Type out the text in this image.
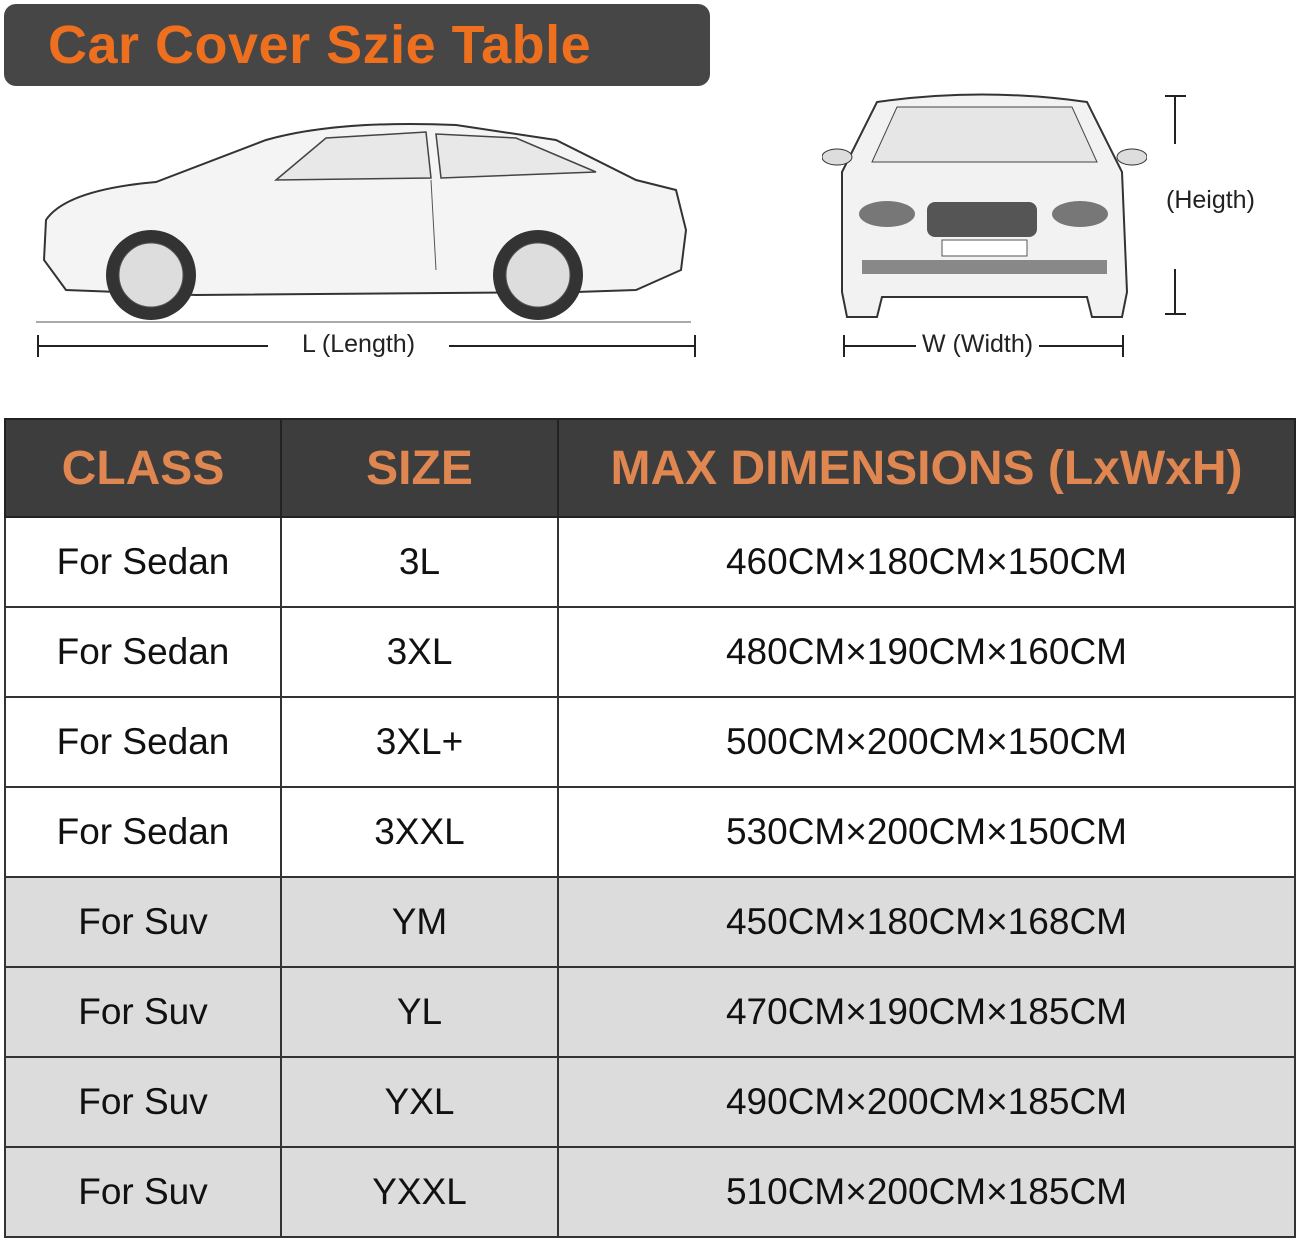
Car Cover Szie Table
L (Length)	W (Width)
(Heigth)
CLASS	SIZE	MAX DIMENSIONS (LxWxH)
For Sedan	3L	460CM×180CM×150CM
For Sedan	3XL	480CM×190CM×160CM
For Sedan	3XL+	500CM×200CM×150CM
For Sedan	3XXL	530CM×200CM×150CM
For Suv	YM	450CM×180CM×168CM
For Suv	YL	470CM×190CM×185CM
For Suv	YXL	490CM×200CM×185CM
For Suv	YXXL	510CM×200CM×185CM
